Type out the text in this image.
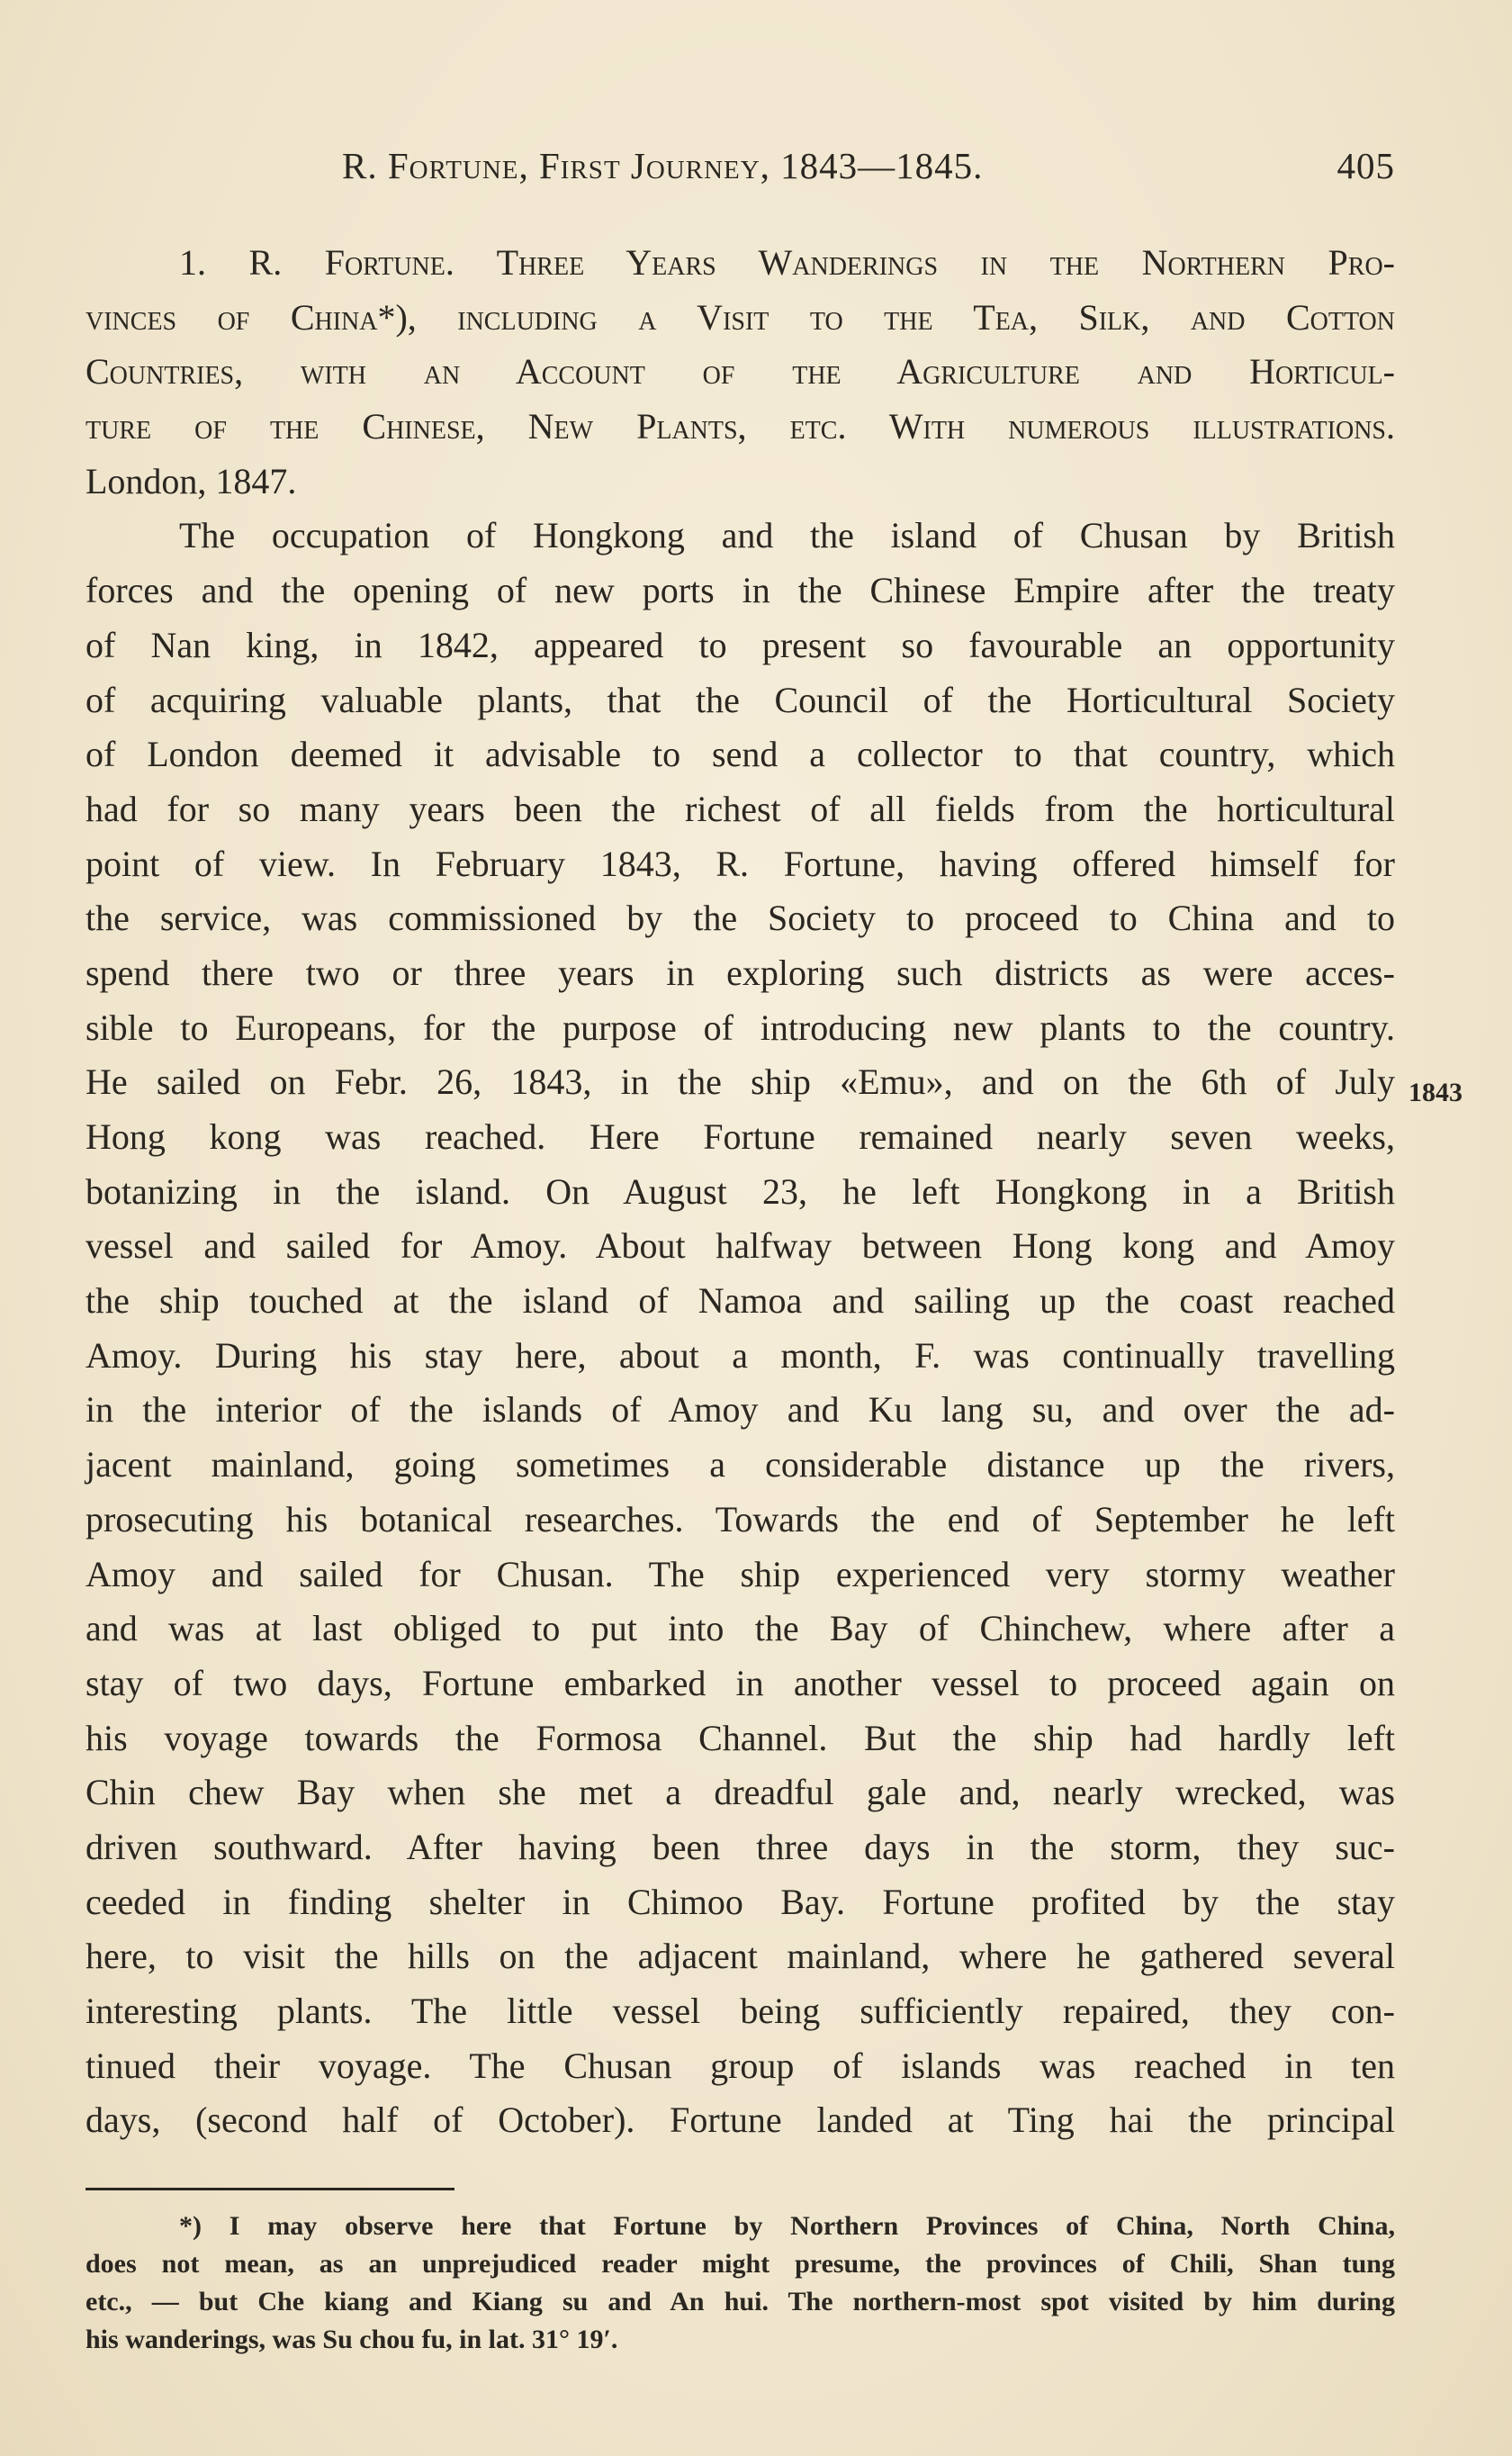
R. Fortune, First Journey, 1843—1845.	405
1. R. Fortune. Three Years Wanderings in the Northern Pro-
vinces of China*), including a Visit to the Tea, Silk, and Cotton
Countries, with an Account of the Agriculture and Horticul-
ture of the Chinese, New Plants, etc. With numerous illustrations.
London, 1847.
The occupation of Hongkong and the island of Chusan by British
forces and the opening of new ports in the Chinese Empire after the treaty
of Nan king, in 1842, appeared to present so favourable an opportunity
of acquiring valuable plants, that the Council of the Horticultural Society
of London deemed it advisable to send a collector to that country, which
had for so many years been the richest of all fields from the horticultural
point of view. In February 1843, R. Fortune, having offered himself for
the service, was commissioned by the Society to proceed to China and to
spend there two or three years in exploring such districts as were acces-
sible to Europeans, for the purpose of introducing new plants to the country.
He sailed on Febr. 26, 1843, in the ship «Emu», and on the 6th of July
Hong kong was reached. Here Fortune remained nearly seven weeks,
botanizing in the island. On August 23, he left Hongkong in a British
vessel and sailed for Amoy. About halfway between Hong kong and Amoy
the ship touched at the island of Namoa and sailing up the coast reached
Amoy. During his stay here, about a month, F. was continually travelling
in the interior of the islands of Amoy and Ku lang su, and over the ad-
jacent mainland, going sometimes a considerable distance up the rivers,
prosecuting his botanical researches. Towards the end of September he left
Amoy and sailed for Chusan. The ship experienced very stormy weather
and was at last obliged to put into the Bay of Chinchew, where after a
stay of two days, Fortune embarked in another vessel to proceed again on
his voyage towards the Formosa Channel. But the ship had hardly left
Chin chew Bay when she met a dreadful gale and, nearly wrecked, was
driven southward. After having been three days in the storm, they suc-
ceeded in finding shelter in Chimoo Bay. Fortune profited by the stay
here, to visit the hills on the adjacent mainland, where he gathered several
interesting plants. The little vessel being sufficiently repaired, they con-
tinued their voyage. The Chusan group of islands was reached in ten
days, (second half of October). Fortune landed at Ting hai the principal
1843
*) I may observe here that Fortune by Northern Provinces of China, North China,
does not mean, as an unprejudiced reader might presume, the provinces of Chili, Shan tung
etc., — but Che kiang and Kiang su and An hui. The northern-most spot visited by him during
his wanderings, was Su chou fu, in lat. 31° 19′.
